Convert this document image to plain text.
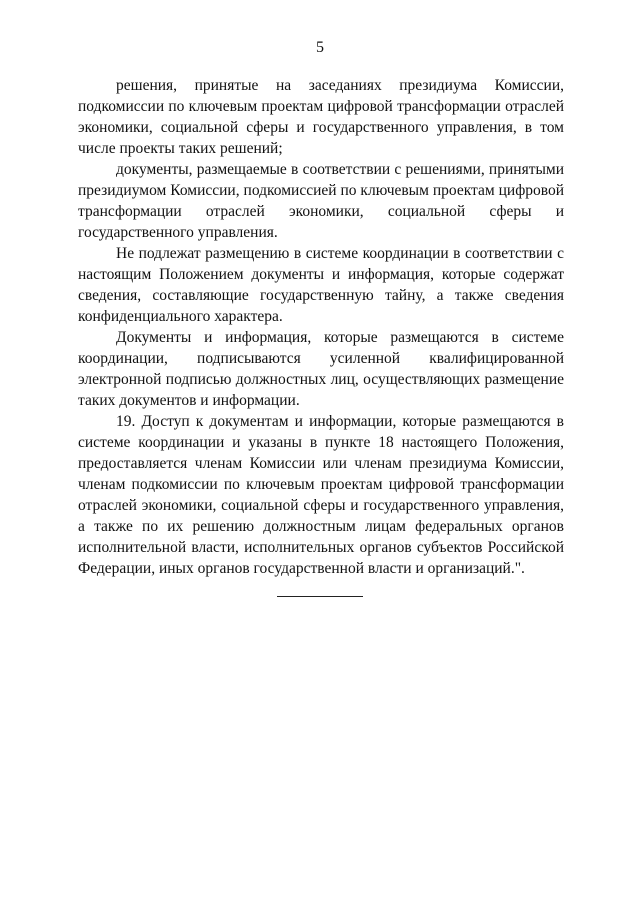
5

решения, принятые на заседаниях президиума Комиссии, подкомиссии по ключевым проектам цифровой трансформации отраслей экономики, социальной сферы и государственного управления, в том числе проекты таких решений;

документы, размещаемые в соответствии с решениями, принятыми президиумом Комиссии, подкомиссией по ключевым проектам цифровой трансформации отраслей экономики, социальной сферы и государственного управления.

Не подлежат размещению в системе координации в соответствии с настоящим Положением документы и информация, которые содержат сведения, составляющие государственную тайну, а также сведения конфиденциального характера.

Документы и информация, которые размещаются в системе координации, подписываются усиленной квалифицированной электронной подписью должностных лиц, осуществляющих размещение таких документов и информации.

19. Доступ к документам и информации, которые размещаются в системе координации и указаны в пункте 18 настоящего Положения, предоставляется членам Комиссии или членам президиума Комиссии, членам подкомиссии по ключевым проектам цифровой трансформации отраслей экономики, социальной сферы и государственного управления, а также по их решению должностным лицам федеральных органов исполнительной власти, исполнительных органов субъектов Российской Федерации, иных органов государственной власти и организаций.".
